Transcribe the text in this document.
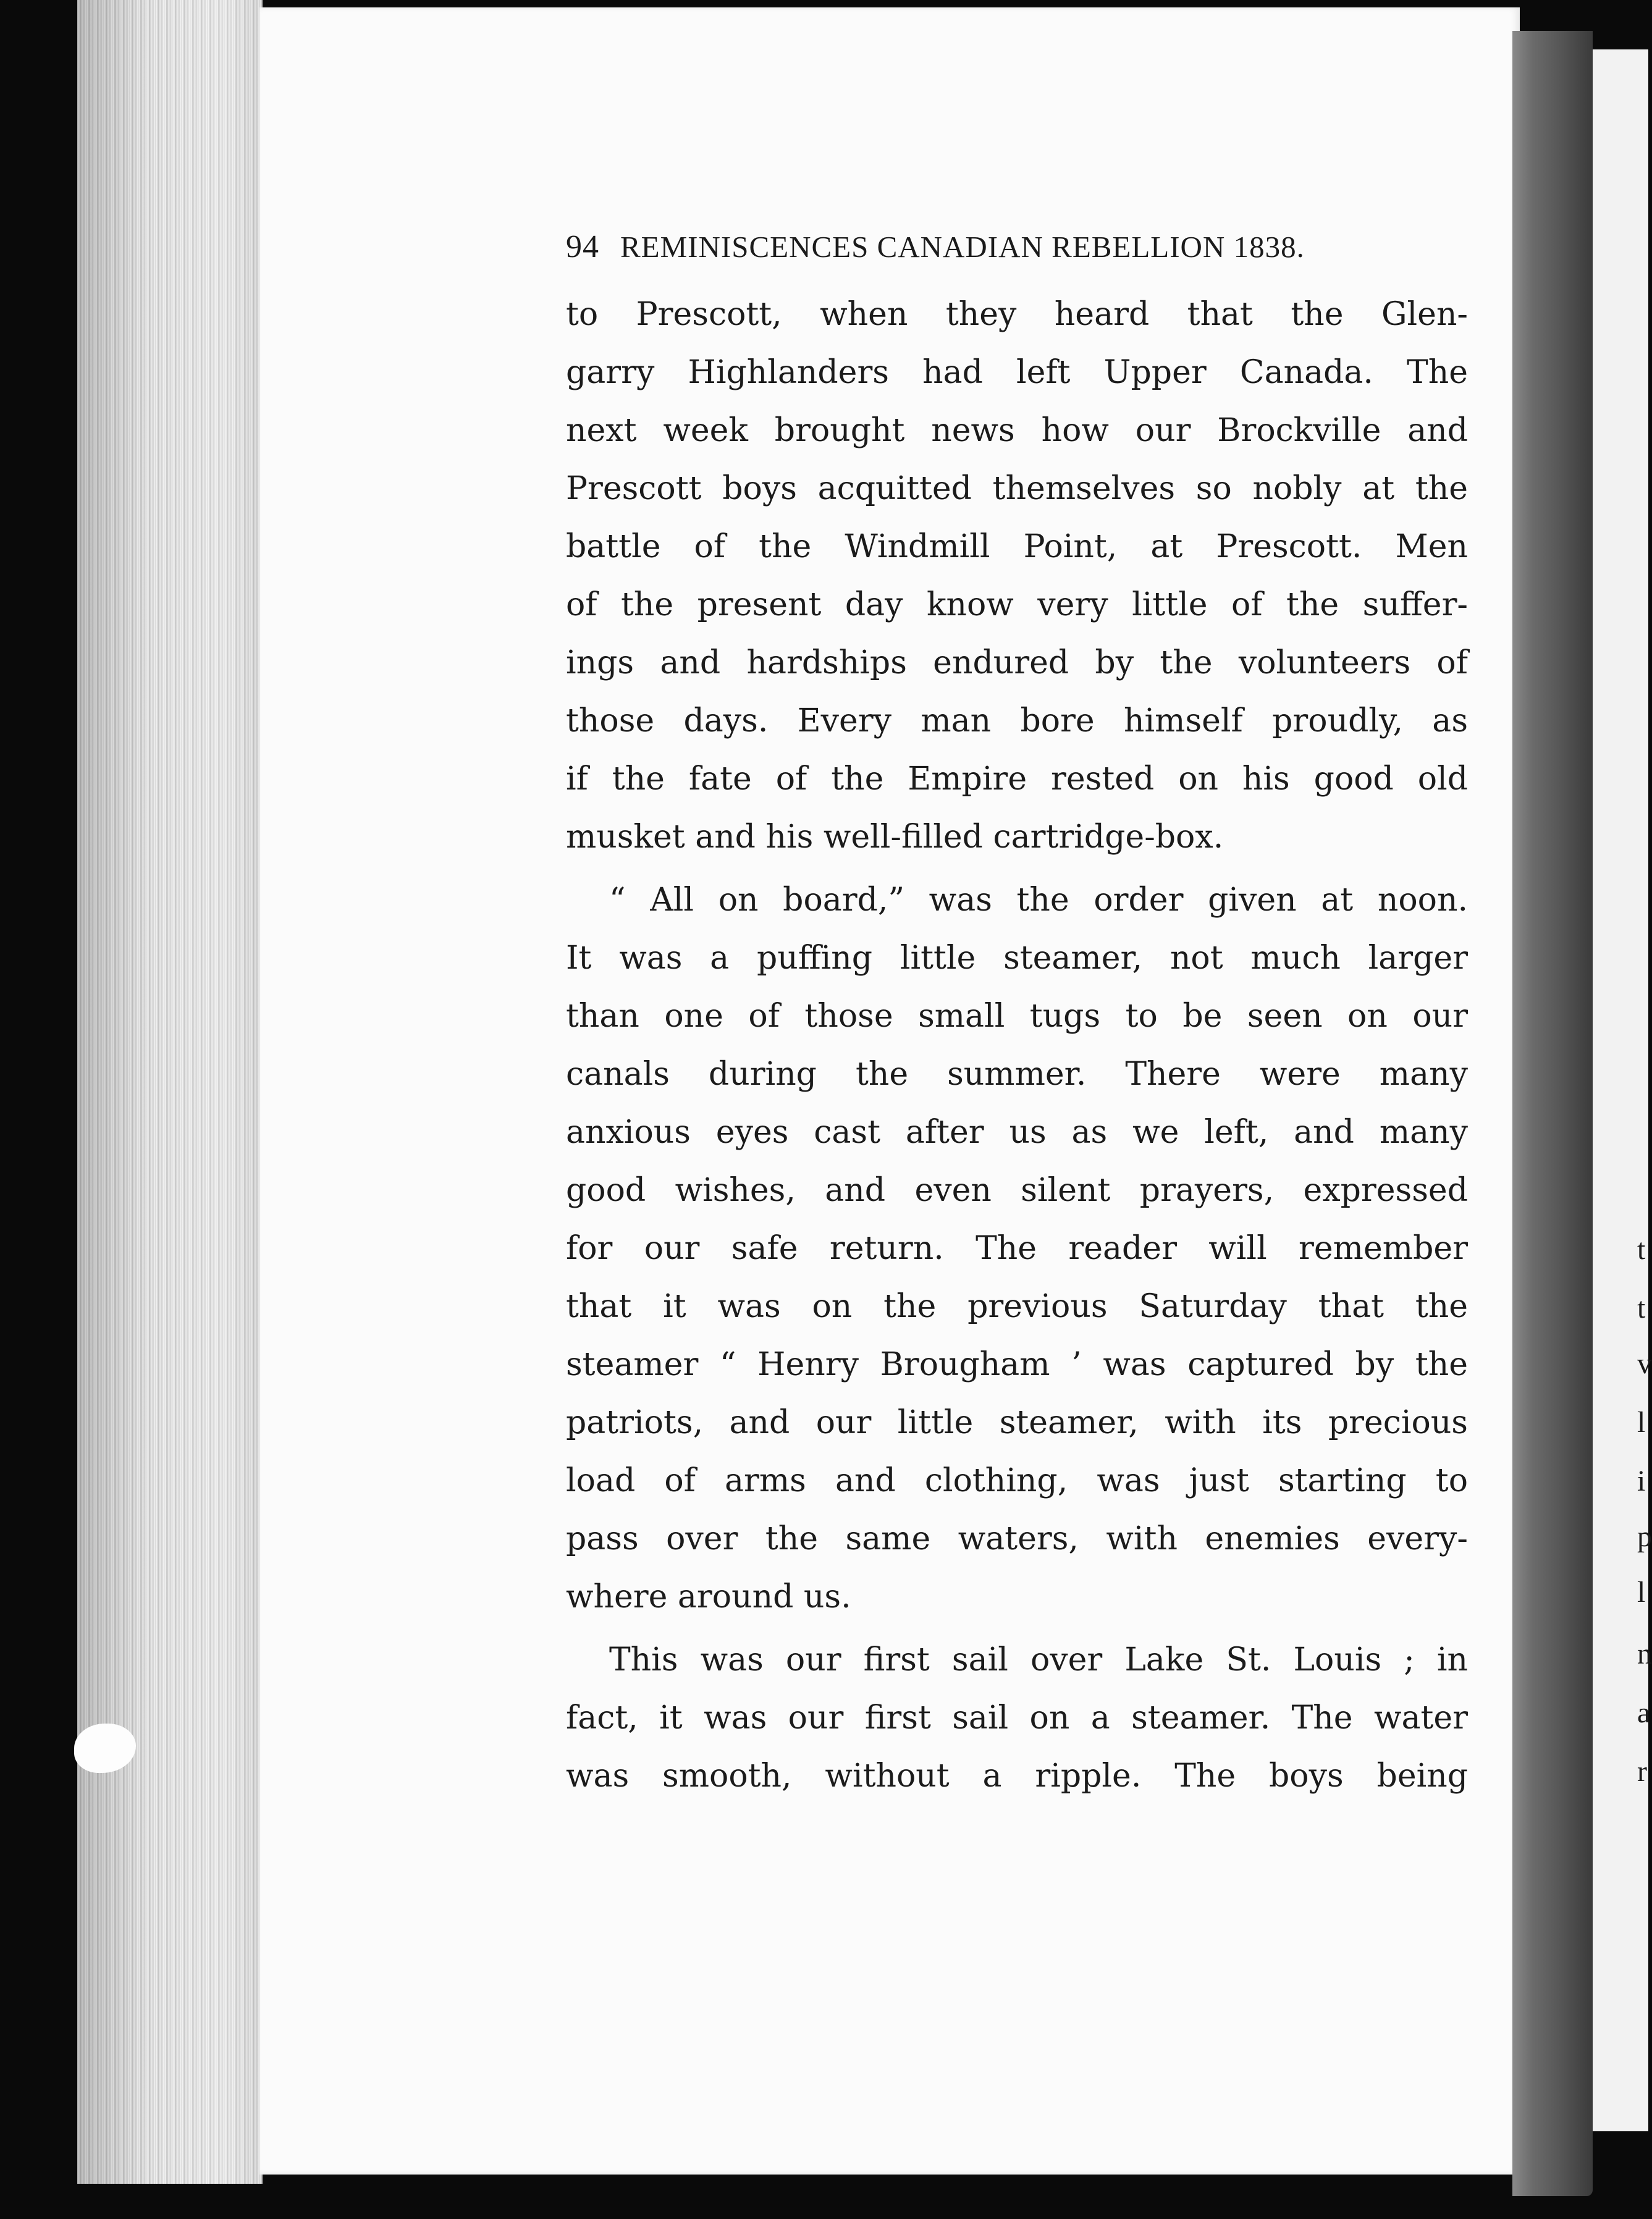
t
t
v
l
i
p
l
n
a
r
94 REMINISCENCES CANADIAN REBELLION 1838.
to Prescott, when they heard that the Glen-
garry Highlanders had left Upper Canada. The
next week brought news how our Brockville and
Prescott boys acquitted themselves so nobly at the
battle of the Windmill Point, at Prescott. Men
of the present day know very little of the suffer-
ings and hardships endured by the volunteers of
those days. Every man bore himself proudly, as
if the fate of the Empire rested on his good old
musket and his well-filled cartridge-box.
“ All on board,” was the order given at noon.
It was a puffing little steamer, not much larger
than one of those small tugs to be seen on our
canals during the summer. There were many
anxious eyes cast after us as we left, and many
good wishes, and even silent prayers, expressed
for our safe return. The reader will remember
that it was on the previous Saturday that the
steamer “ Henry Brougham ’ was captured by the
patriots, and our little steamer, with its precious
load of arms and clothing, was just starting to
pass over the same waters, with enemies every-
where around us.
This was our first sail over Lake St. Louis ; in
fact, it was our first sail on a steamer. The water
was smooth, without a ripple. The boys being
